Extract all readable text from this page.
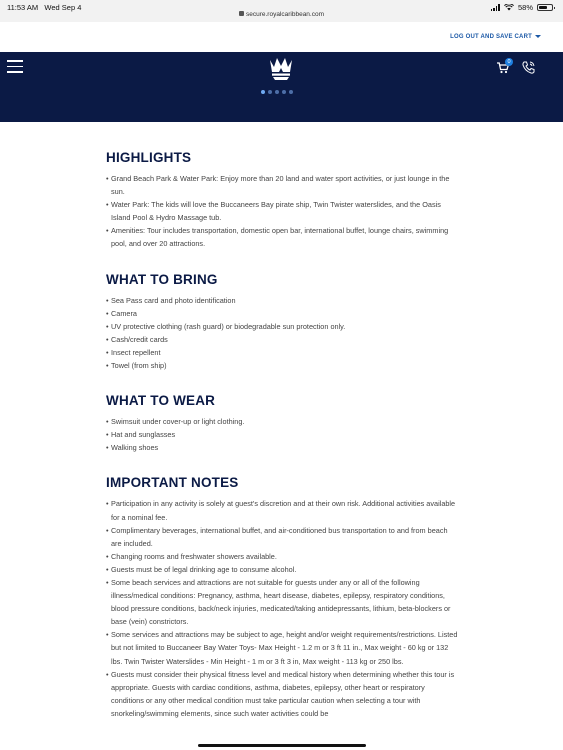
11:53 AM Wed Sep 4
secure.royalcaribbean.com
58%
LOG OUT AND SAVE CART
0
HIGHLIGHTS
• Grand Beach Park & Water Park: Enjoy more than 20 land and water sport activities, or just lounge in the sun.
• Water Park: The kids will love the Buccaneers Bay pirate ship, Twin Twister waterslides, and the Oasis Island Pool & Hydro Massage tub.
• Amenities: Tour includes transportation, domestic open bar, international buffet, lounge chairs, swimming pool, and over 20 attractions.
WHAT TO BRING
• Sea Pass card and photo identification
• Camera
• UV protective clothing (rash guard) or biodegradable sun protection only.
• Cash/credit cards
• Insect repellent
• Towel (from ship)
WHAT TO WEAR
• Swimsuit under cover-up or light clothing.
• Hat and sunglasses
• Walking shoes
IMPORTANT NOTES
• Participation in any activity is solely at guest's discretion and at their own risk. Additional activities available for a nominal fee.
• Complimentary beverages, international buffet, and air-conditioned bus transportation to and from beach are included.
• Changing rooms and freshwater showers available.
• Guests must be of legal drinking age to consume alcohol.
• Some beach services and attractions are not suitable for guests under any or all of the following illness/medical conditions: Pregnancy, asthma, heart disease, diabetes, epilepsy, respiratory conditions, blood pressure conditions, back/neck injuries, medicated/taking antidepressants, lithium, beta-blockers or base (vein) constrictors.
• Some services and attractions may be subject to age, height and/or weight requirements/restrictions. Listed but not limited to Buccaneer Bay Water Toys- Max Height - 1.2 m or 3 ft 11 in., Max weight - 60 kg or 132 lbs. Twin Twister Waterslides - Min Height - 1 m or 3 ft 3 in, Max weight - 113 kg or 250 lbs.
• Guests must consider their physical fitness level and medical history when determining whether this tour is appropriate. Guests with cardiac conditions, asthma, diabetes, epilepsy, other heart or respiratory conditions or any other medical condition must take particular caution when selecting a tour with snorkeling/swimming elements, since such water activities could be
